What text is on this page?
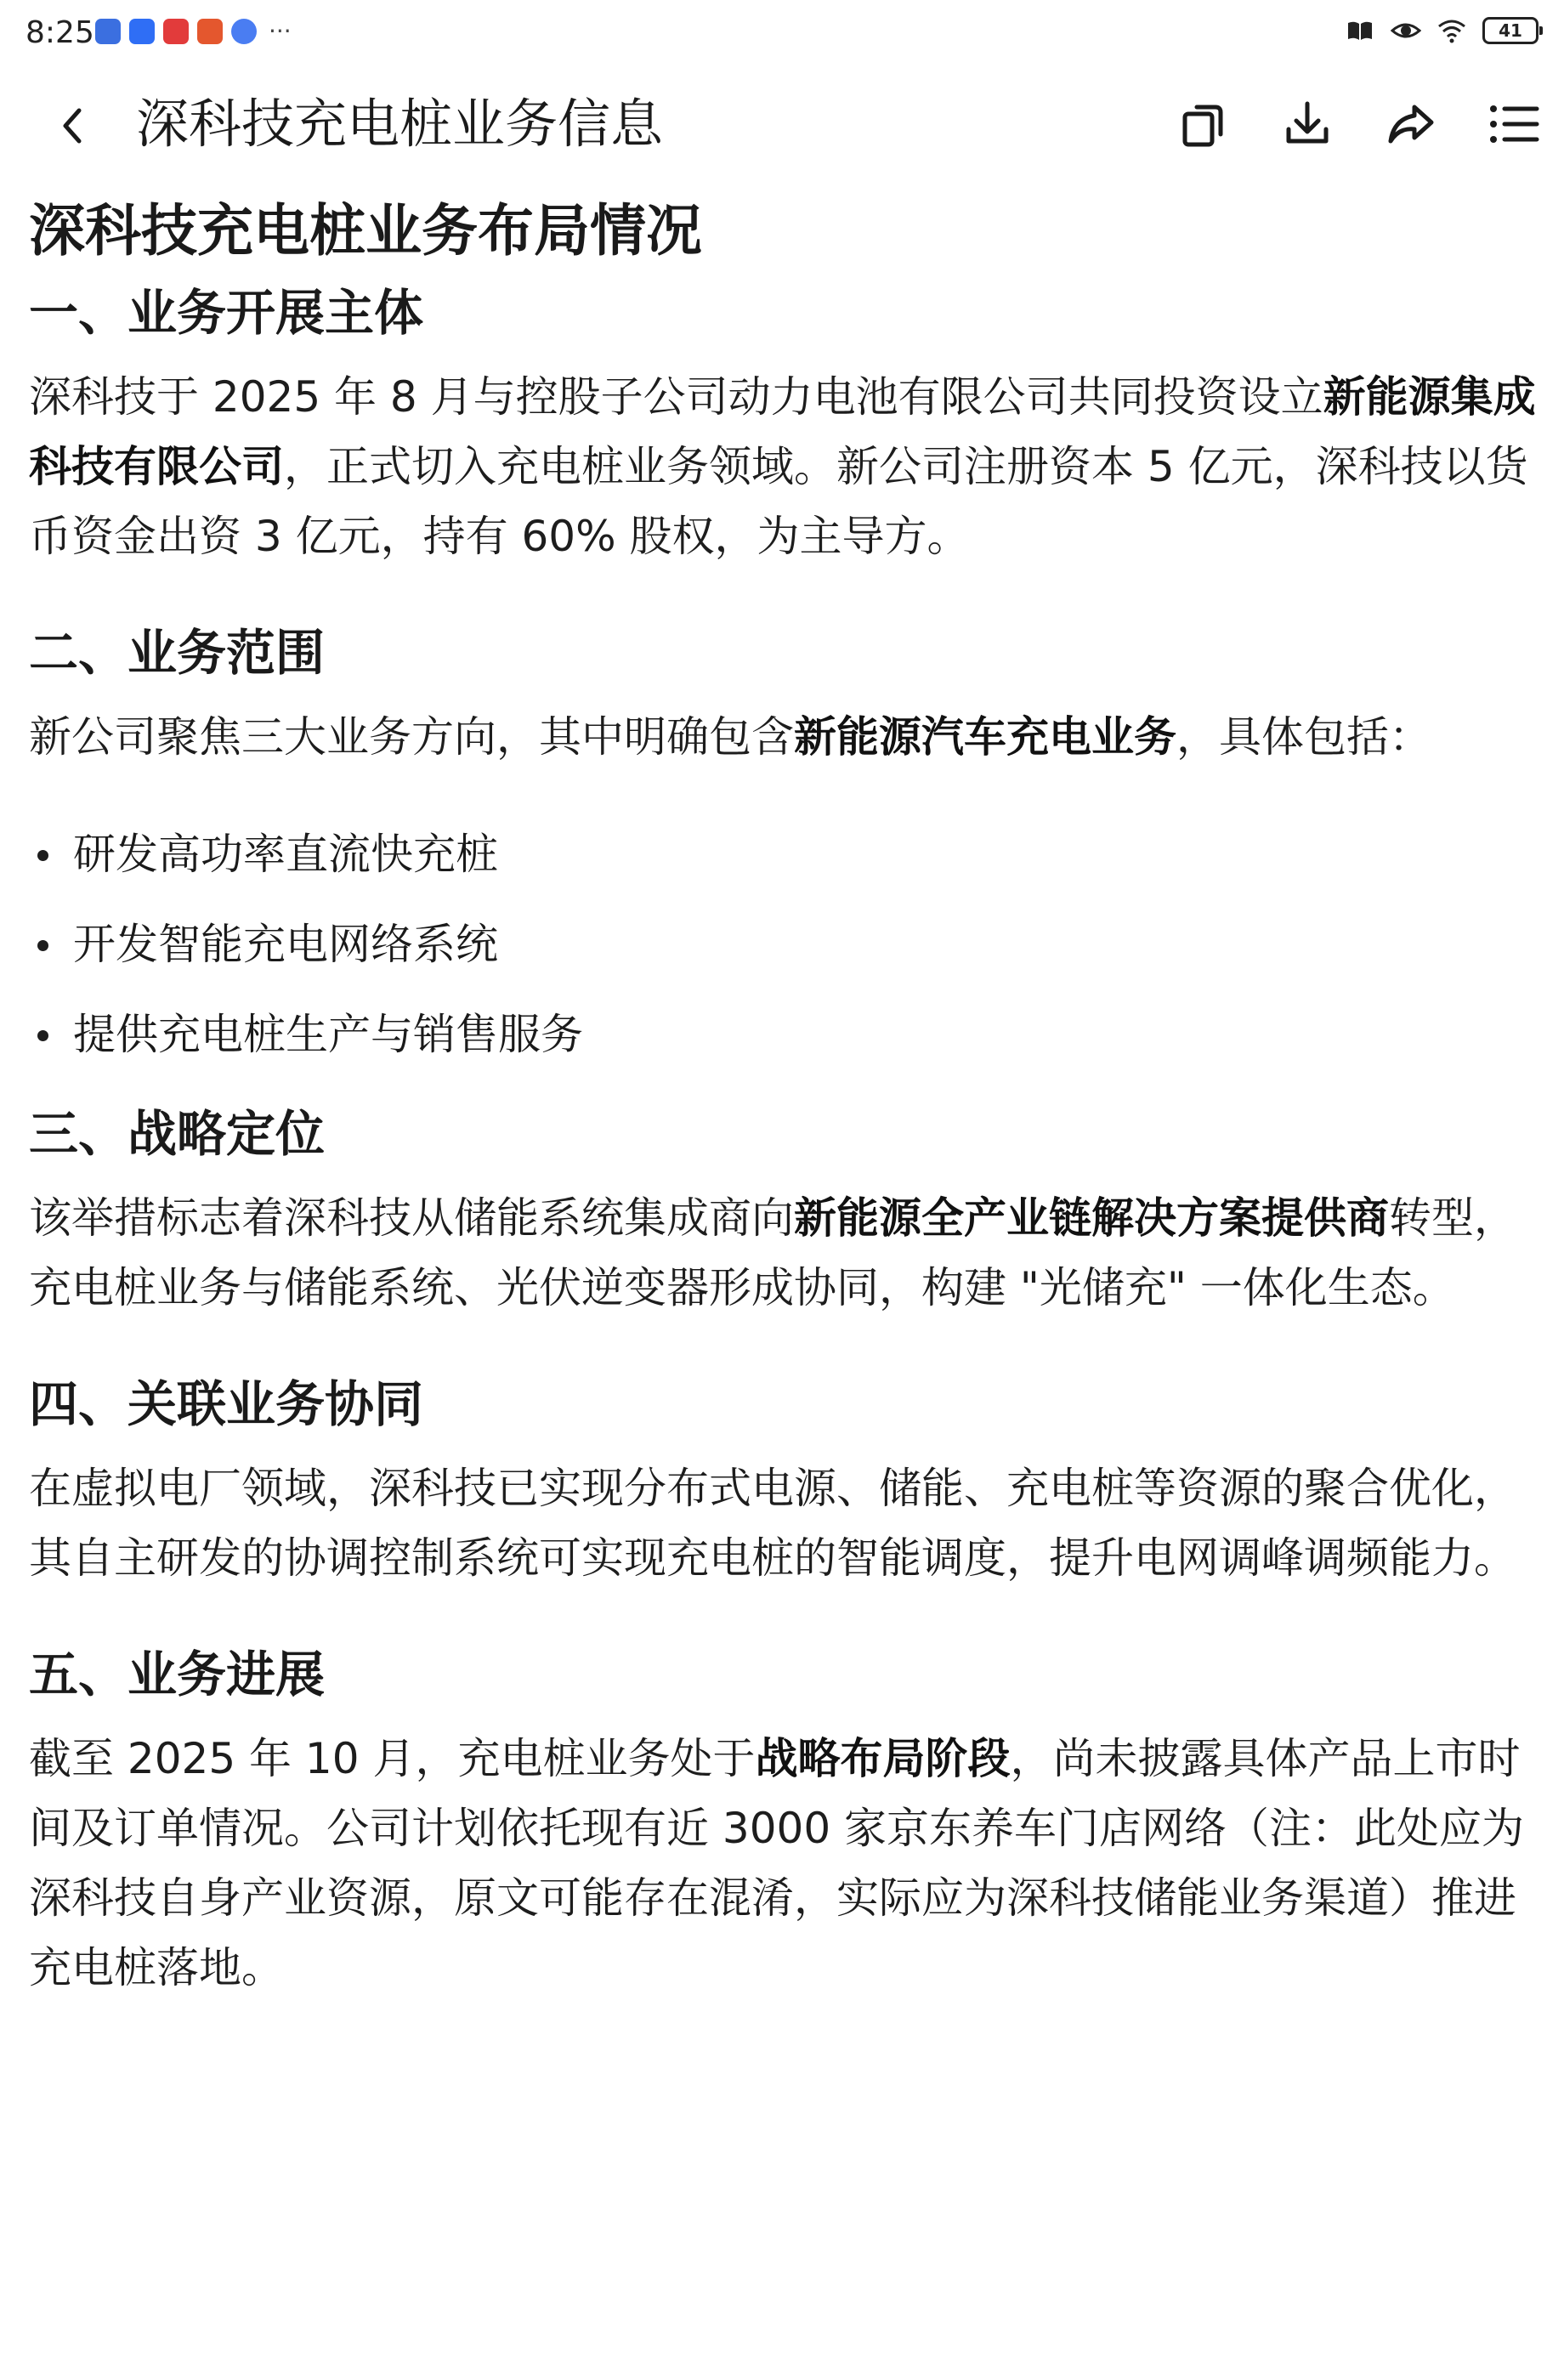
8:25	···	41
深科技充电桩业务信息
深科技充电桩业务布局情况
一、业务开展主体

深科技于 2025 年 8 月与控股子公司动力电池有限公司共同投资设立新能源集成科技有限公司，正式切入充电桩业务领域。新公司注册资本 5 亿元，深科技以货币资金出资 3 亿元，持有 60% 股权，为主导方。

二、业务范围

新公司聚焦三大业务方向，其中明确包含新能源汽车充电业务，具体包括：

研发高功率直流快充桩
开发智能充电网络系统
提供充电桩生产与销售服务
三、战略定位

该举措标志着深科技从储能系统集成商向新能源全产业链解决方案提供商转型，充电桩业务与储能系统、光伏逆变器形成协同，构建 "光储充" 一体化生态。

四、关联业务协同

在虚拟电厂领域，深科技已实现分布式电源、储能、充电桩等资源的聚合优化，其自主研发的协调控制系统可实现充电桩的智能调度，提升电网调峰调频能力。

五、业务进展

截至 2025 年 10 月，充电桩业务处于战略布局阶段，尚未披露具体产品上市时间及订单情况。公司计划依托现有近 3000 家京东养车门店网络（注：此处应为深科技自身产业资源，原文可能存在混淆，实际应为深科技储能业务渠道）推进充电桩落地。
